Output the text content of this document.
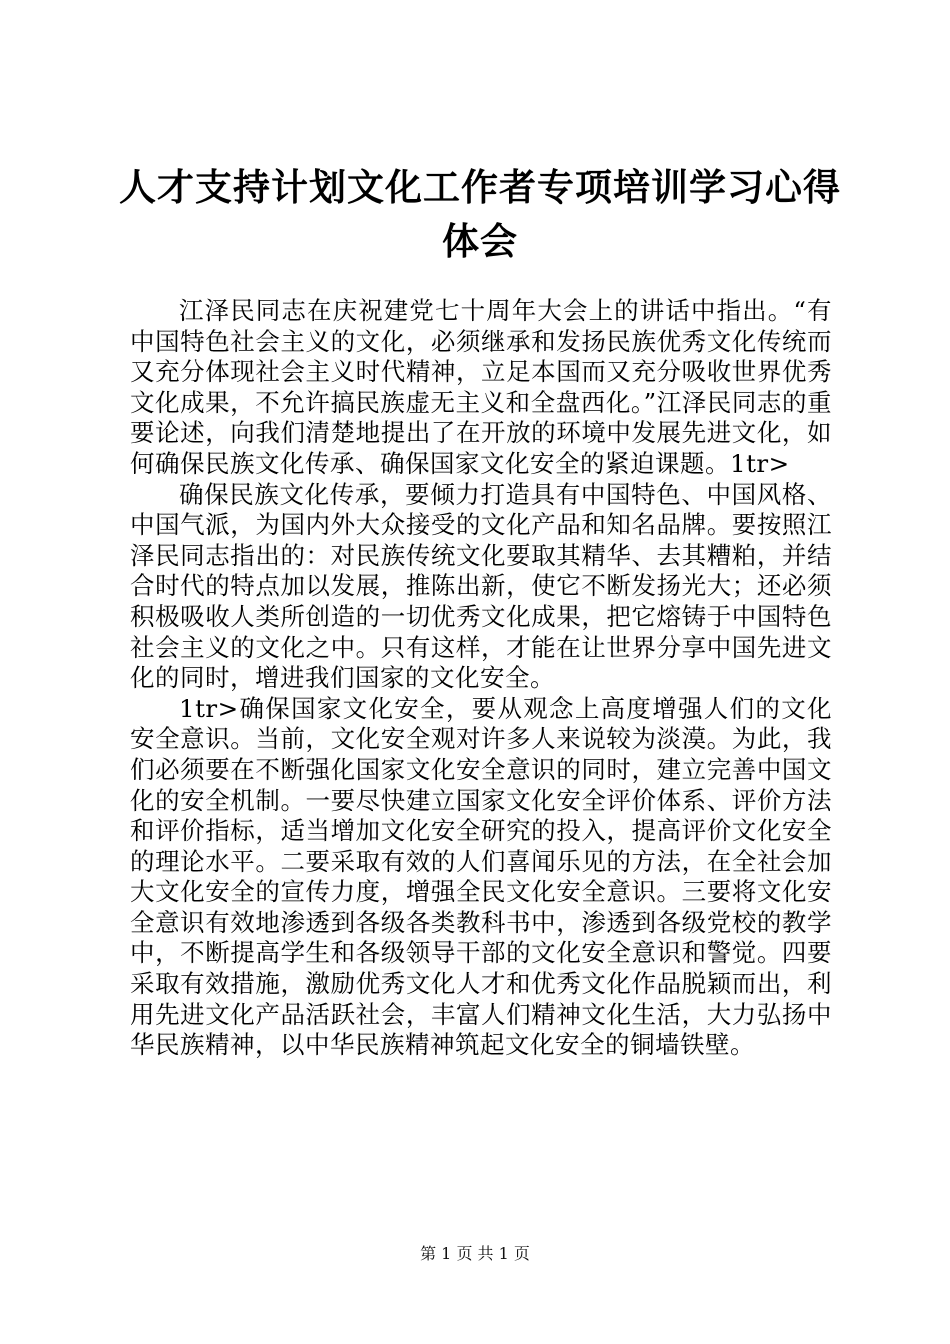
人才支持计划文化工作者专项培训学习心得体会

江泽民同志在庆祝建党七十周年大会上的讲话中指出。“有中国特色社会主义的文化，必须继承和发扬民族优秀文化传统而又充分体现社会主义时代精神，立足本国而又充分吸收世界优秀文化成果，不允许搞民族虚无主义和全盘西化。”江泽民同志的重要论述，向我们清楚地提出了在开放的环境中发展先进文化，如何确保民族文化传承、确保国家文化安全的紧迫课题。1tr>

确保民族文化传承，要倾力打造具有中国特色、中国风格、中国气派，为国内外大众接受的文化产品和知名品牌。要按照江泽民同志指出的：对民族传统文化要取其精华、去其糟粕，并结合时代的特点加以发展，推陈出新，使它不断发扬光大；还必须积极吸收人类所创造的一切优秀文化成果，把它熔铸于中国特色社会主义的文化之中。只有这样，才能在让世界分享中国先进文化的同时，增进我们国家的文化安全。

1tr>确保国家文化安全，要从观念上高度增强人们的文化安全意识。当前，文化安全观对许多人来说较为淡漠。为此，我们必须要在不断强化国家文化安全意识的同时，建立完善中国文化的安全机制。一要尽快建立国家文化安全评价体系、评价方法和评价指标，适当增加文化安全研究的投入，提高评价文化安全的理论水平。二要采取有效的人们喜闻乐见的方法，在全社会加大文化安全的宣传力度，增强全民文化安全意识。三要将文化安全意识有效地渗透到各级各类教科书中，渗透到各级党校的教学中，不断提高学生和各级领导干部的文化安全意识和警觉。四要采取有效措施，激励优秀文化人才和优秀文化作品脱颖而出，利用先进文化产品活跃社会，丰富人们精神文化生活，大力弘扬中华民族精神，以中华民族精神筑起文化安全的铜墙铁壁。

第 1 页 共 1 页
